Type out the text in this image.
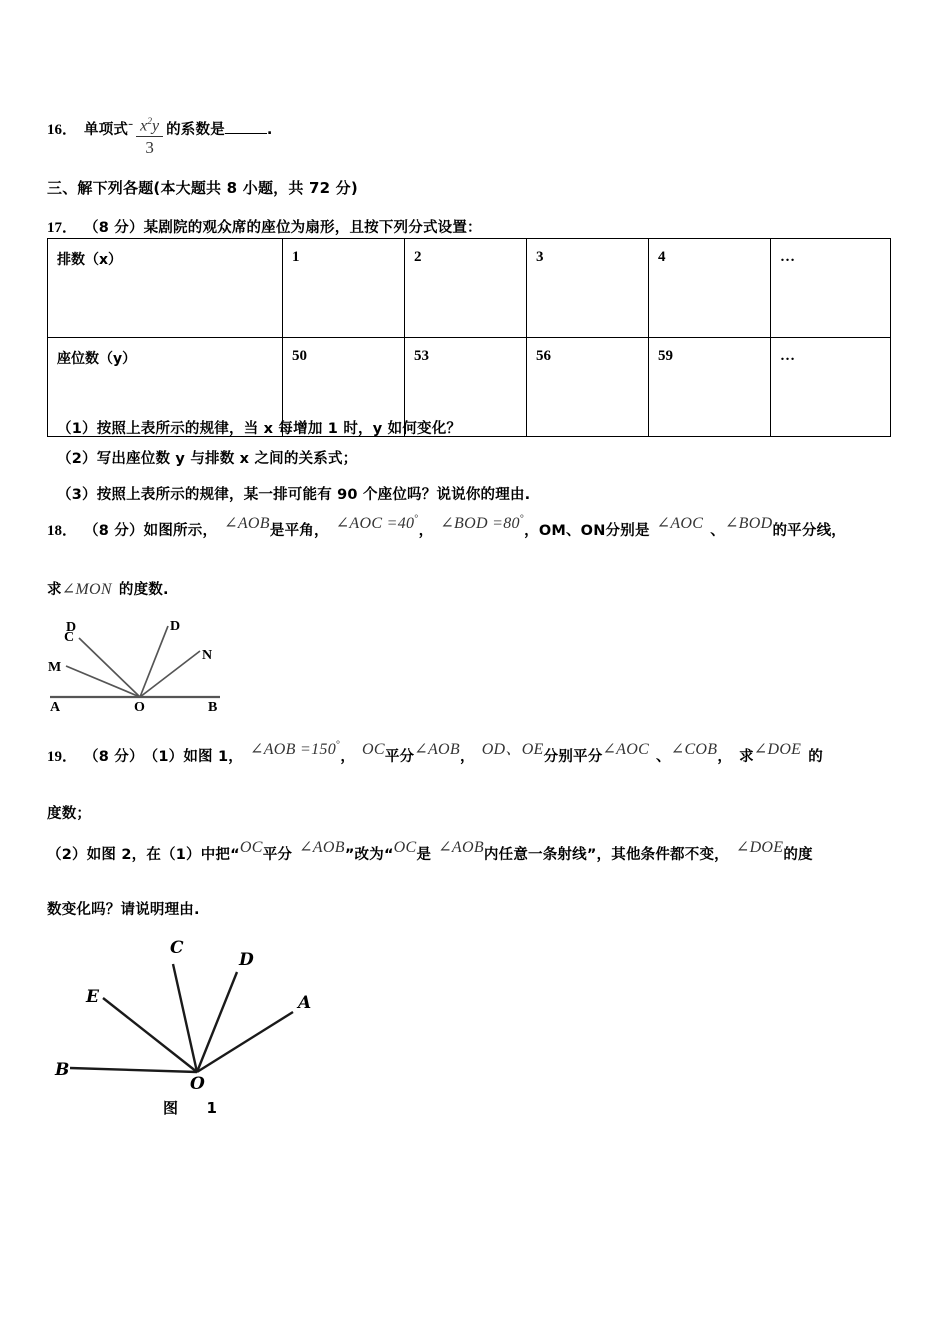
16． 单项式 - $\frac{x^2y}{3}$ 的系数是	.
三、解下列各题(本大题共 8 小题，共 72 分)
17． （8 分） 某剧院的观众席的座位为扇形，且按下列分式设置：
排数（x）	1	2	3	4	…
座位数（y）	50	53	56	59	…
（1）按照上表所示的规律，当 x 每增加 1 时，y 如何变化？
（2）写出座位数 y 与排数 x 之间的关系式；
（3）按照上表所示的规律，某一排可能有 90 个座位吗？说说你的理由.
18． （8 分） 如图所示， ∠AOB 是平角， ∠AOC =40°
， ∠BOD =80°
， OM、ON 分别是 ∠AOC 、 ∠BOD 的平分线，
求 ∠MON 的度数.
D
C
D
N
M
A	O	B
19． （8 分） （1） 如图 1， ∠AOB =150°
， OC 平分 ∠AOB ， OD、OE 分别平分 ∠AOC 、 ∠COB ， 求 ∠DOE 的
度数；
（2） 如图 2，在（1）中把“ OC 平分 ∠AOB ”改为“ OC 是 ∠AOB 内任意一条射线”，其他条件都不变， ∠DOE 的度
数变化吗？请说明理由.
C
D
E	A
B
O
图 1
